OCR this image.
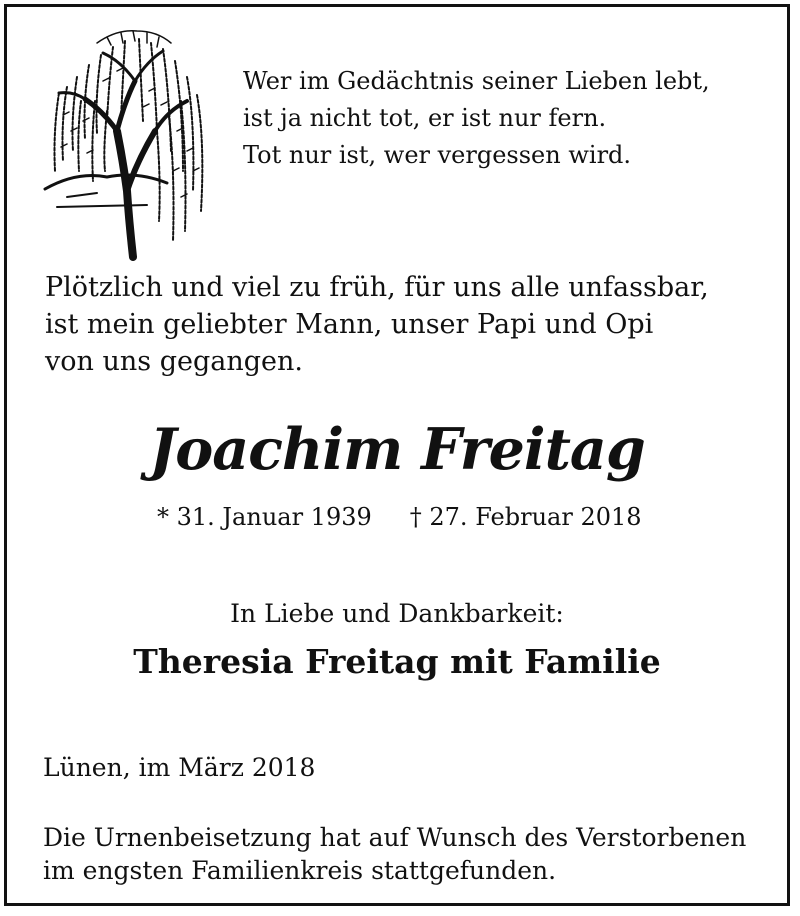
Wer im Gedächtnis seiner Lieben lebt,
ist ja nicht tot, er ist nur fern.
Tot nur ist, wer vergessen wird.
Plötzlich und viel zu früh, für uns alle unfassbar,
ist mein geliebter Mann, unser Papi und Opi
von uns gegangen.
Joachim Freitag
* 31. Januar 1939 † 27. Februar 2018
In Liebe und Dankbarkeit:
Theresia Freitag mit Familie
Lünen, im März 2018
Die Urnenbeisetzung hat auf Wunsch des Verstorbenen
im engsten Familienkreis stattgefunden.
